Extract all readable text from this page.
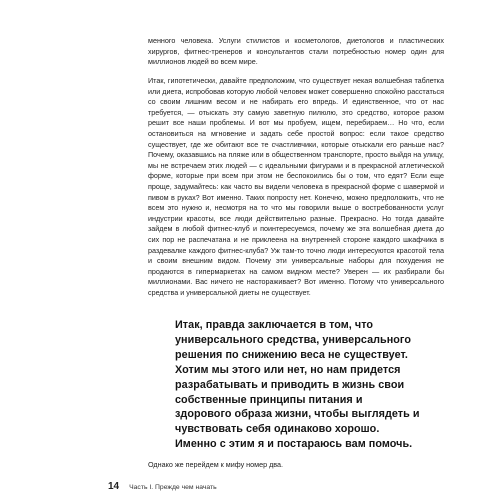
менного человека. Услуги стилистов и косметологов, диетологов и пластических хирургов, фитнес-тренеров и консультантов стали потребностью номер один для миллионов людей во всем мире.

Итак, гипотетически, давайте предположим, что существует некая волшебная таблетка или диета, испробовав которую любой человек может совершенно спокойно расстаться со своим лишним весом и не набирать его впредь. И единственное, что от нас требуется, — отыскать эту самую заветную пилюлю, это средство, которое разом решит все наши проблемы. И вот мы пробуем, ищем, перебираем… Но что, если остановиться на мгновение и задать себе простой вопрос: если такое средство существует, где же обитают все те счастливчики, которые отыскали его раньше нас? Почему, оказавшись на пляже или в общественном транспорте, просто выйдя на улицу, мы не встречаем этих людей — с идеальными фигурами и в прекрасной атлетической форме, которые при всем при этом не беспокоились бы о том, что едят? Если еще проще, задумайтесь: как часто вы видели человека в прекрасной форме с шавермой и пивом в руках? Вот именно. Таких попросту нет. Конечно, можно предположить, что не всем это нужно и, несмотря на то что мы говорили выше о востребованности услуг индустрии красоты, все люди действительно разные. Прекрасно. Но тогда давайте зайдем в любой фитнес-клуб и поинтересуемся, почему же эта волшебная диета до сих пор не распечатана и не приклеена на внутренней стороне каждого шкафчика в раздевалке каждого фитнес-клуба? Уж там-то точно люди интересуются красотой тела и своим внешним видом. Почему эти универсальные наборы для похудения не продаются в гипермаркетах на самом видном месте? Уверен — их разбирали бы миллионами. Вас ничего не настораживает? Вот именно. Потому что универсального средства и универсальной диеты не существует.

Итак, правда заключается в том, что универсального средства, универсального решения по снижению веса не существует. Хотим мы этого или нет, но нам придется разрабатывать и приводить в жизнь свои собственные принципы питания и здорового образа жизни, чтобы выглядеть и чувствовать себя одинаково хорошо. Именно с этим я и постараюсь вам помочь.

Однако же перейдем к мифу номер два.

14 Часть I. Прежде чем начать
